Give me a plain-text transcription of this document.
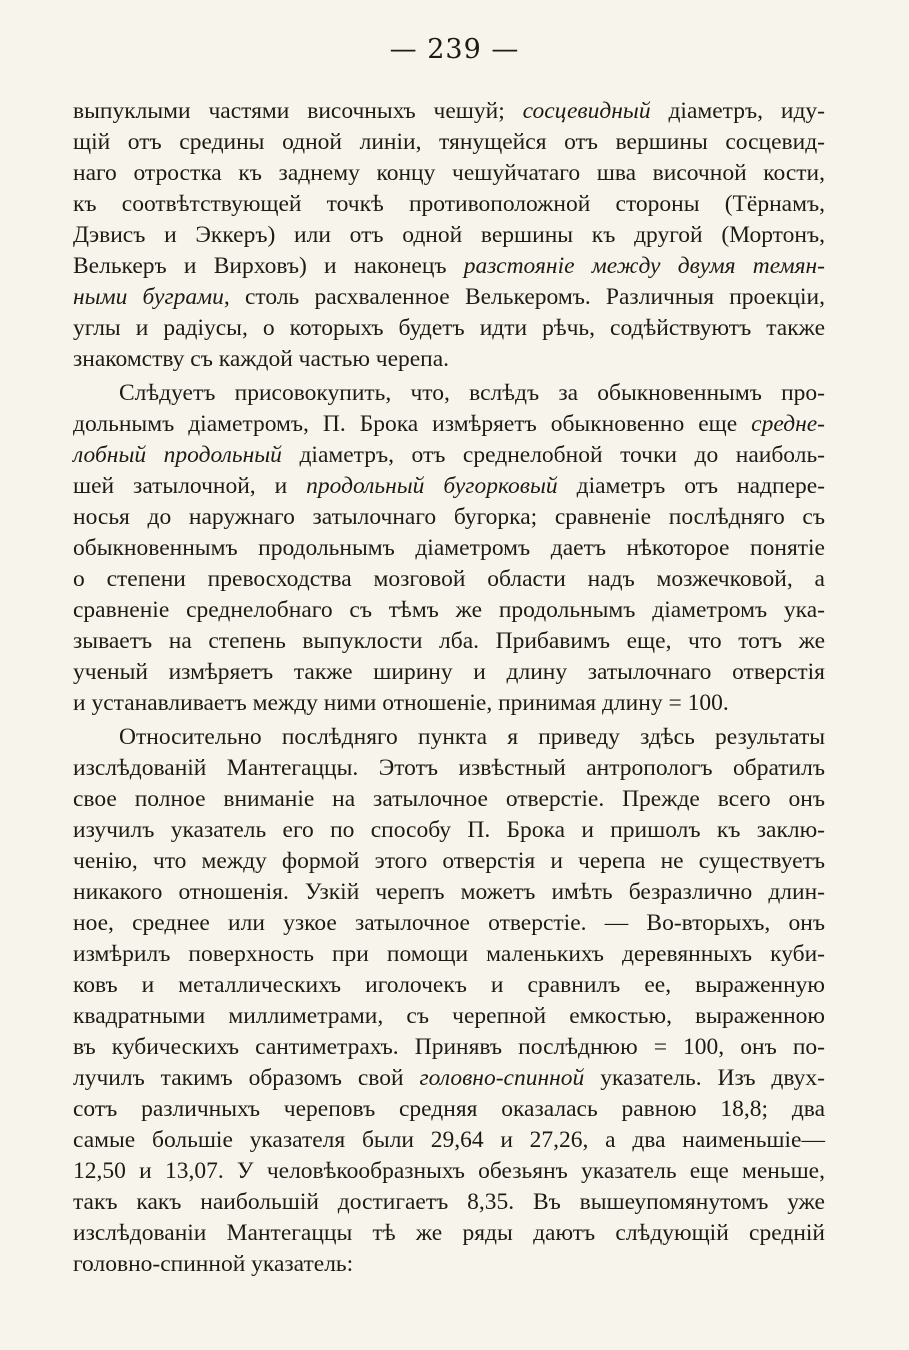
— 239 —
выпуклыми частями височныхъ чешуй; сосцевидный діаметръ, иду-
щій отъ средины одной линіи, тянущейся отъ вершины сосцевид-
наго отростка къ заднему концу чешуйчатаго шва височной кости,
къ соотвѣтствующей точкѣ противоположной стороны (Тёрнамъ,
Дэвисъ и Эккеръ) или отъ одной вершины къ другой (Мортонъ,
Велькеръ и Вирховъ) и наконецъ разстояніе между двумя темян-
ными буграми, столь расхваленное Велькеромъ. Различныя проекціи,
углы и радіусы, о которыхъ будетъ идти рѣчь, содѣйствуютъ также
знакомству съ каждой частью черепа.
Слѣдуетъ присовокупить, что, вслѣдъ за обыкновеннымъ про-
дольнымъ діаметромъ, П. Брока измѣряетъ обыкновенно еще средне-
лобный продольный діаметръ, отъ среднелобной точки до наиболь-
шей затылочной, и продольный бугорковый діаметръ отъ надпере-
носья до наружнаго затылочнаго бугорка; сравненіе послѣдняго съ
обыкновеннымъ продольнымъ діаметромъ даетъ нѣкоторое понятіе
о степени превосходства мозговой области надъ мозжечковой, а
сравненіе среднелобнаго съ тѣмъ же продольнымъ діаметромъ ука-
зываетъ на степень выпуклости лба. Прибавимъ еще, что тотъ же
ученый измѣряетъ также ширину и длину затылочнаго отверстія
и устанавливаетъ между ними отношеніе, принимая длину = 100.
Относительно послѣдняго пункта я приведу здѣсь результаты
изслѣдованій Мантегаццы. Этотъ извѣстный антропологъ обратилъ
свое полное вниманіе на затылочное отверстіе. Прежде всего онъ
изучилъ указатель его по способу П. Брока и пришолъ къ заклю-
ченію, что между формой этого отверстія и черепа не существуетъ
никакого отношенія. Узкій черепъ можетъ имѣть безразлично длин-
ное, среднее или узкое затылочное отверстіе. — Во-вторыхъ, онъ
измѣрилъ поверхность при помощи маленькихъ деревянныхъ куби-
ковъ и металлическихъ иголочекъ и сравнилъ ее, выраженную
квадратными миллиметрами, съ черепной емкостью, выраженною
въ кубическихъ сантиметрахъ. Принявъ послѣднюю = 100, онъ по-
лучилъ такимъ образомъ свой головно-спинной указатель. Изъ двух-
сотъ различныхъ череповъ средняя оказалась равною 18,8; два
самые большіе указателя были 29,64 и 27,26, а два наименьшіе—
12,50 и 13,07. У человѣкообразныхъ обезьянъ указатель еще меньше,
такъ какъ наибольшій достигаетъ 8,35. Въ вышеупомянутомъ уже
изслѣдованіи Мантегаццы тѣ же ряды даютъ слѣдующій средній
головно-спинной указатель:
